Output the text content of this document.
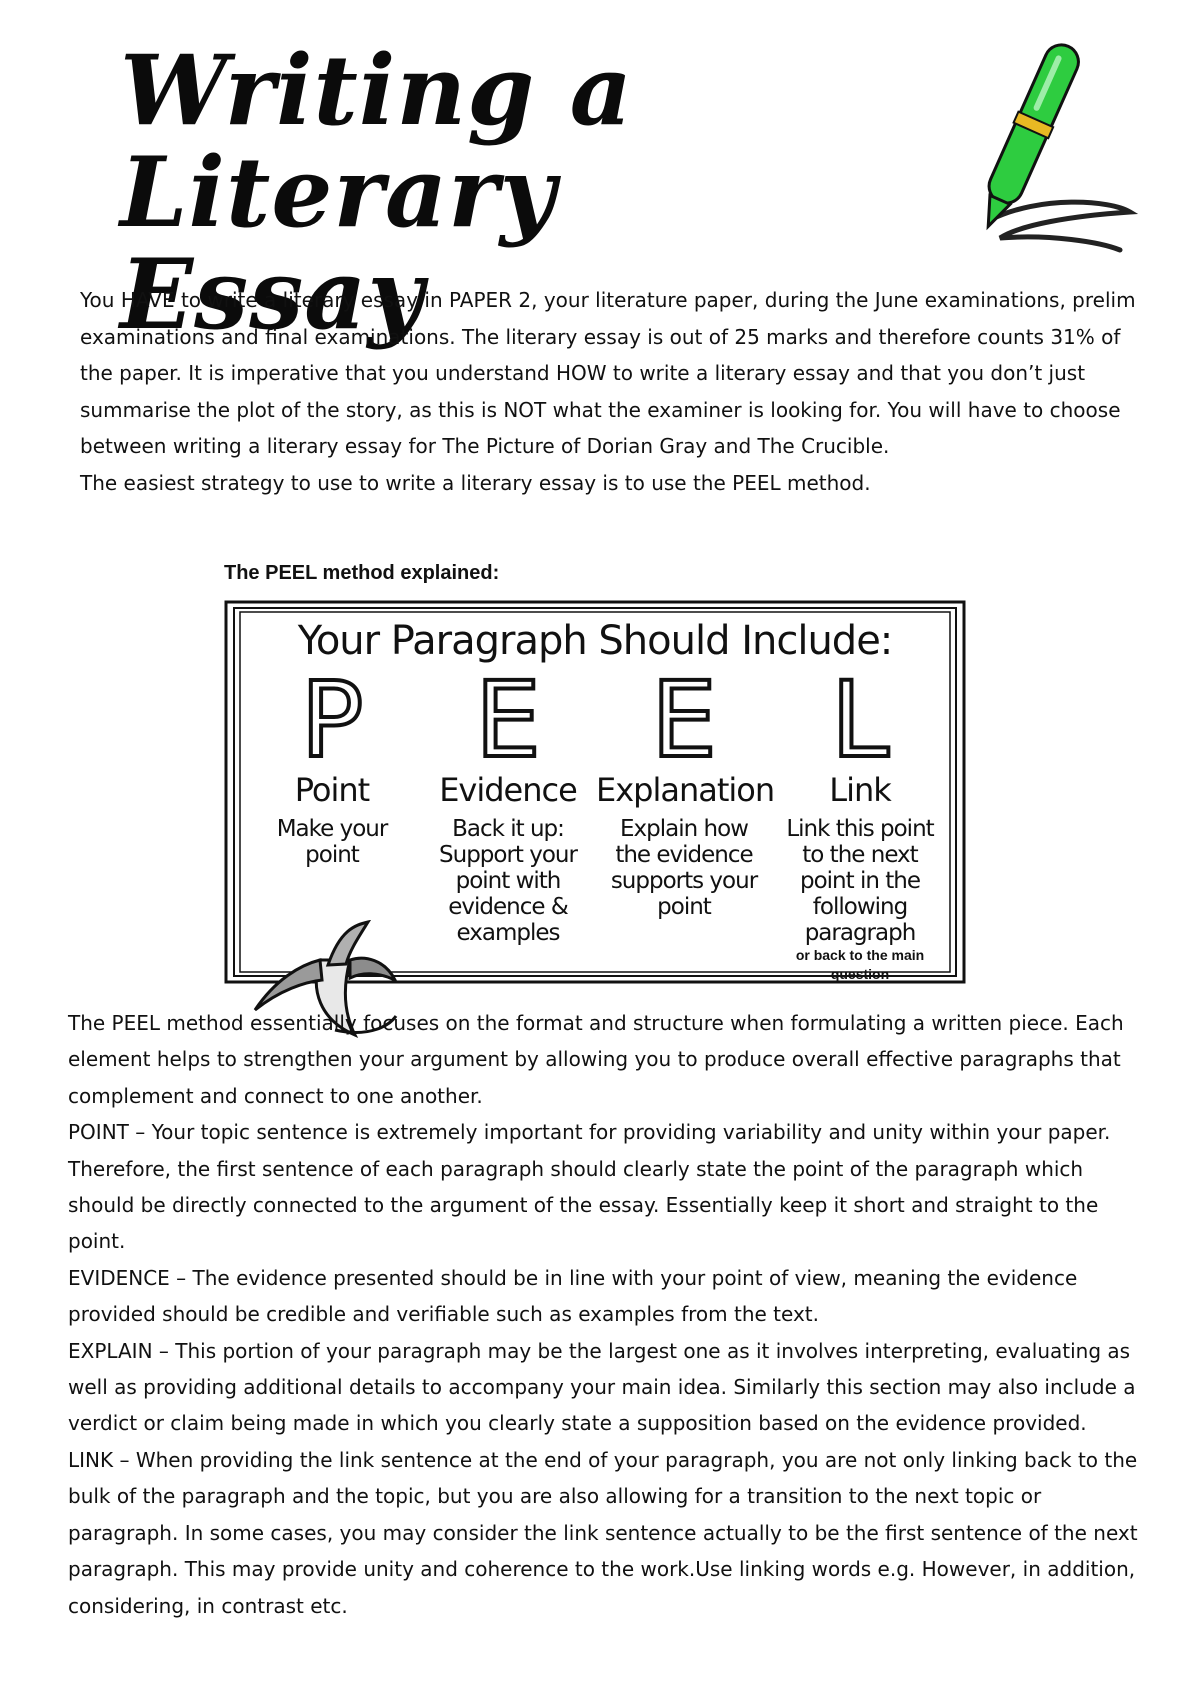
Writing a
Literary Essay

You HAVE to write a literary essay in PAPER 2, your literature paper, during the June examinations, prelim examinations and final examinations. The literary essay is out of 25 marks and therefore counts 31% of the paper. It is imperative that you understand HOW to write a literary essay and that you don’t just summarise the plot of the story, as this is NOT what the examiner is looking for. You will have to choose between writing a literary essay for The Picture of Dorian Gray and The Crucible.

The easiest strategy to use to write a literary essay is to use the PEEL method.

The PEEL method explained:
Your Paragraph Should Include:
P
Point
Make your point
E
Evidence
Back it up: Support your point with evidence & examples
E
Explanation
Explain how the evidence supports your point
L
Link
Link this point to the next point in the following paragraph
or back to the main question

The PEEL method essentially focuses on the format and structure when formulating a written piece. Each element helps to strengthen your argument by allowing you to produce overall effective paragraphs that complement and connect to one another.

POINT – Your topic sentence is extremely important for providing variability and unity within your paper. Therefore, the first sentence of each paragraph should clearly state the point of the paragraph which should be directly connected to the argument of the essay. Essentially keep it short and straight to the point.

EVIDENCE – The evidence presented should be in line with your point of view, meaning the evidence provided should be credible and verifiable such as examples from the text.

EXPLAIN – This portion of your paragraph may be the largest one as it involves interpreting, evaluating as well as providing additional details to accompany your main idea. Similarly this section may also include a verdict or claim being made in which you clearly state a supposition based on the evidence provided.

LINK – When providing the link sentence at the end of your paragraph, you are not only linking back to the bulk of the paragraph and the topic, but you are also allowing for a transition to the next topic or paragraph. In some cases, you may consider the link sentence actually to be the first sentence of the next paragraph. This may provide unity and coherence to the work.Use linking words e.g. However, in addition, considering, in contrast etc.
